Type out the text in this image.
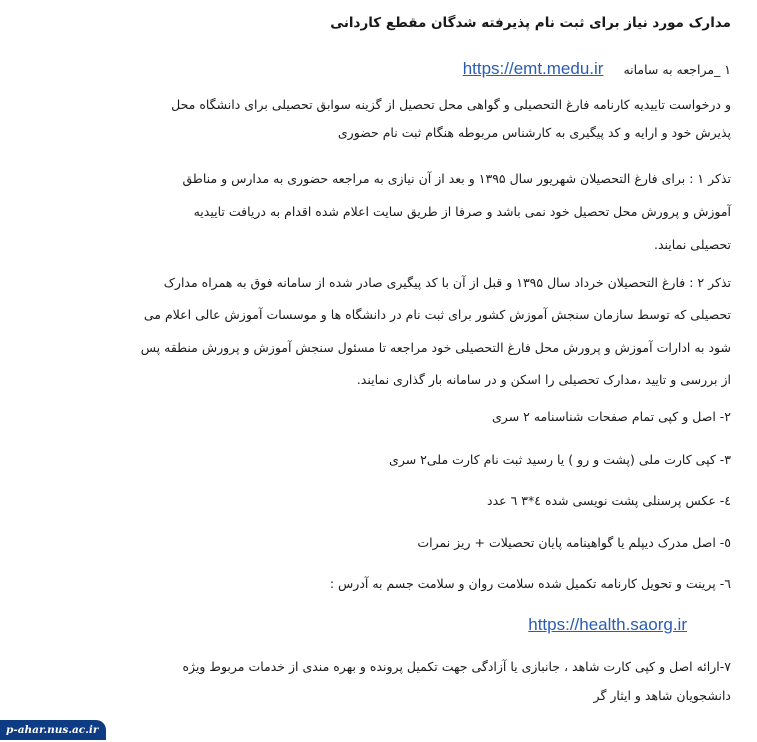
مدارک مورد نیاز برای ثبت نام پذیرفته شدگان مقطع کاردانی
https://emt.medu.ir ۱ _مراجعه به سامانه
و درخواست تاییدیه کارنامه فارغ التحصیلی و گواهی محل تحصیل از گزینه سوابق تحصیلی برای دانشگاه محل
پذیرش خود و ارایه و کد پیگیری به کارشناس مربوطه هنگام ثبت نام حضوری
تذکر ۱ : برای فارغ التحصیلان شهریور سال ۱۳۹۵ و بعد از آن نیازی به مراجعه حضوری به مدارس و مناطق
آموزش و پرورش محل تحصیل خود نمی باشد و صرفا از طریق سایت اعلام شده اقدام به دریافت تاییدیه
تحصیلی نمایند.
تذکر ۲ : فارغ التحصیلان خرداد سال ۱۳۹۵ و قبل از آن با کد پیگیری صادر شده از سامانه فوق به همراه مدارک
تحصیلی که توسط سازمان سنجش آموزش کشور برای ثبت نام در دانشگاه ها و موسسات آموزش عالی اعلام می
شود به ادارات آموزش و پرورش محل فارغ التحصیلی خود مراجعه تا مسئول سنجش آموزش و پرورش منطقه پس
از بررسی و تایید ،مدارک تحصیلی را اسکن و در سامانه بار گذاری نمایند.
۲- اصل و کپی تمام صفحات شناسنامه ۲ سری
۳- کپی کارت ملی (پشت و رو ) یا رسید ثبت نام کارت ملی۲ سری
٤- عکس پرسنلی پشت نویسی شده ٤*۳ ٦ عدد
٥- اصل مدرک دیپلم یا گواهینامه پایان تحصیلات + ریز نمرات
٦- پرینت و تحویل کارنامه تکمیل شده سلامت روان و سلامت جسم به آدرس :
https://health.saorg.ir
۷-ارائه اصل و کپی کارت شاهد ، جانبازی یا آزادگی جهت تکمیل پرونده و بهره مندی از خدمات مربوط ویژه
دانشجویان شاهد و ایثار گر
p-ahar.nus.ac.ir
